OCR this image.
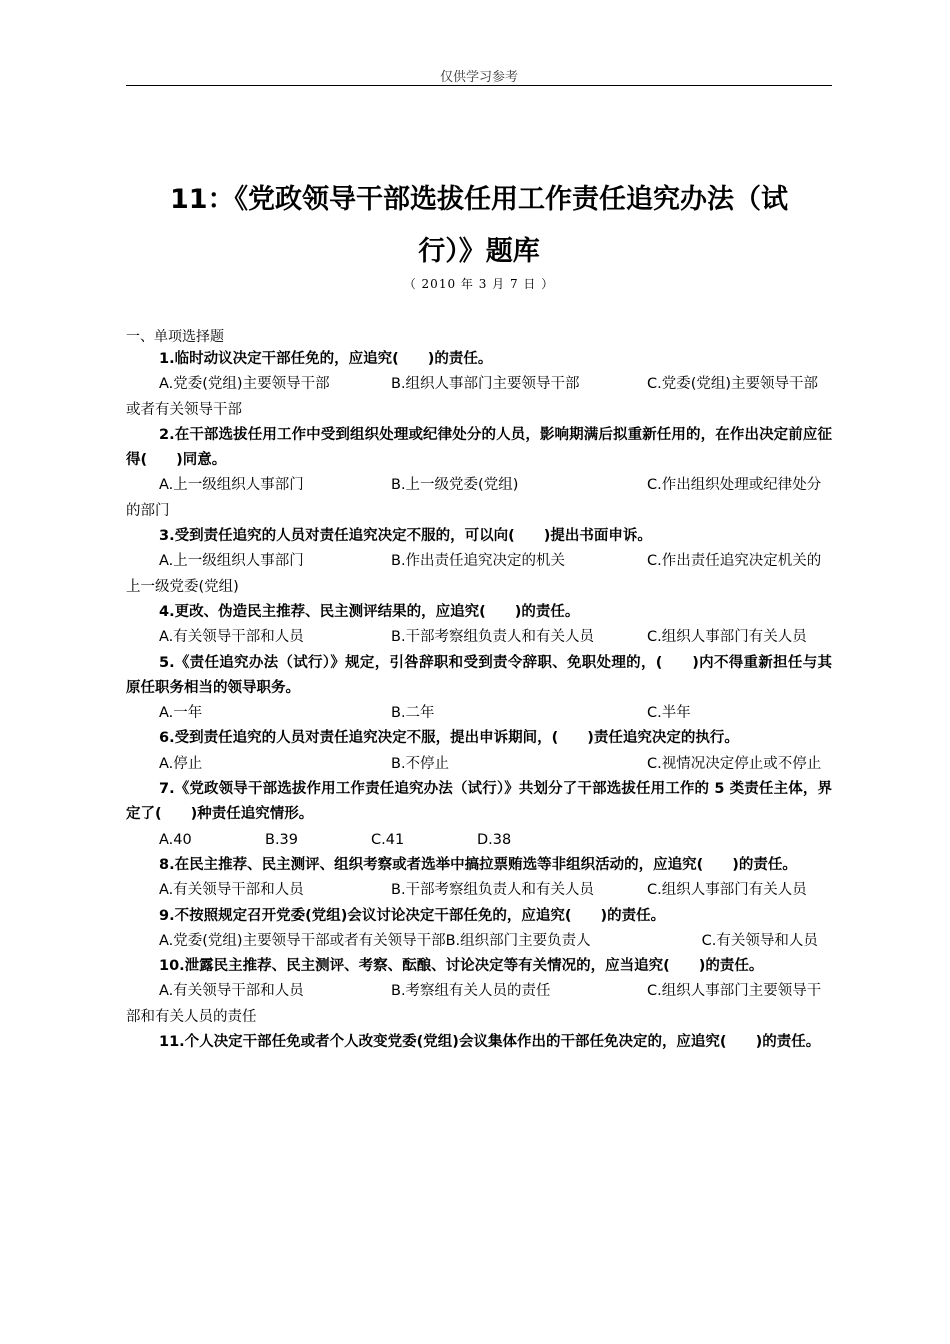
仅供学习参考
11：《党政领导干部选拔任用工作责任追究办法（试
行）》题库
（ 2010 年 3 月 7 日 ）
一、单项选择题

1.临时动议决定干部任免的，应追究(　　)的责任。

A.党委(党组)主要领导干部	B.组织人事部门主要领导干部	C.党委(党组)主要领导干部或者有关领导干部

2.在干部选拔任用工作中受到组织处理或纪律处分的人员，影响期满后拟重新任用的，在作出决定前应征得(　　)同意。

A.上一级组织人事部门	B.上一级党委(党组)	C.作出组织处理或纪律处分的部门

3.受到责任追究的人员对责任追究决定不服的，可以向(　　)提出书面申诉。

A.上一级组织人事部门	B.作出责任追究决定的机关	C.作出责任追究决定机关的上一级党委(党组)

4.更改、伪造民主推荐、民主测评结果的，应追究(　　)的责任。

A.有关领导干部和人员	B.干部考察组负责人和有关人员	C.组织人事部门有关人员

5.《责任追究办法（试行）》规定，引咎辞职和受到责令辞职、免职处理的，(　　)内不得重新担任与其原任职务相当的领导职务。

A.一年	B.二年	C.半年

6.受到责任追究的人员对责任追究决定不服，提出申诉期间，(　　)责任追究决定的执行。

A.停止	B.不停止	C.视情况决定停止或不停止

7.《党政领导干部选拔作用工作责任追究办法（试行）》共划分了干部选拔任用工作的 5 类责任主体，界定了(　　)种责任追究情形。

A.40	B.39	C.41	D.38

8.在民主推荐、民主测评、组织考察或者选举中搞拉票贿选等非组织活动的，应追究(　　)的责任。

A.有关领导干部和人员	B.干部考察组负责人和有关人员	C.组织人事部门有关人员

9.不按照规定召开党委(党组)会议讨论决定干部任免的，应追究(　　)的责任。

A.党委(党组)主要领导干部或者有关领导干部B.组织部门主要负责人	C.有关领导和人员

10.泄露民主推荐、民主测评、考察、酝酿、讨论决定等有关情况的，应当追究(　　)的责任。

A.有关领导干部和人员	B.考察组有关人员的责任	C.组织人事部门主要领导干部和有关人员的责任

11.个人决定干部任免或者个人改变党委(党组)会议集体作出的干部任免决定的，应追究(　　)的责任。
